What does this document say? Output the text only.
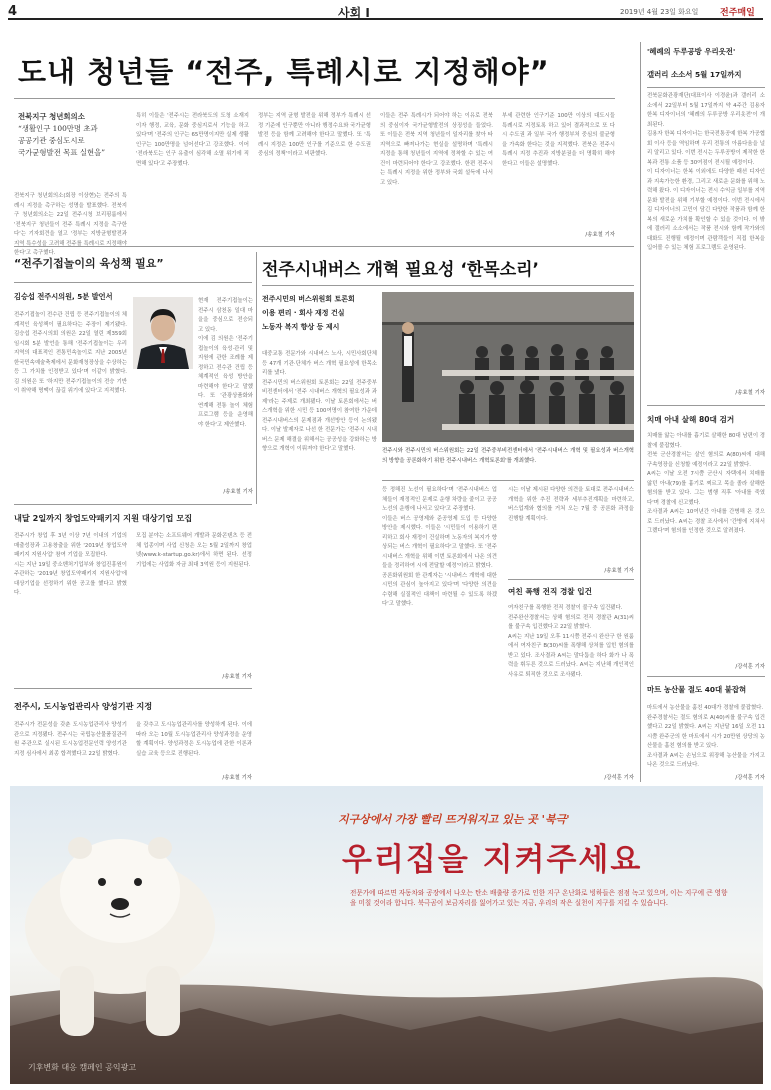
4	사회 Ⅰ	2019년 4월 23일 화요일 전주매일
도내 청년들 “전주, 특례시로 지정해야”
전북지구 청년회의소
“생활인구 100만명 초과
공공기관 중심도시로
국가균형발전 목표 실현을”
전북지구 청년회의소(회장 이상현)는 전주의 특례시 지정을 촉구하는 성명을 발표했다. 전북지구 청년회의소는 22일 전주시청 브리핑룸에서 '전북지구 청년들이 전주 특례시 지정을 촉구한다'는 기자회견을 열고 '정부는 지방균형발전과 지역 특수성을 고려해 전주를 특례시로 지정해야 한다'고 촉구했다.
특히 이들은 '전주시는 전라북도의 도청 소재지이자 행정, 교육, 문화 중심지로서 기능을 하고 있다'며 '전주의 인구는 65만명이지만 실제 생활인구는 100만명을 넘어선다'고 강조했다. 이어 '전라북도는 인구 유출이 심각해 소멸 위기에 직면해 있다'고 주장했다.
정부는 지역 균형 발전을 위해 정부가 특례시 선정 기준에 인구뿐만 아니라 행정수요와 국가균형발전 등을 함께 고려해야 한다고 말했다. 또 '특례시 지정은 100만 인구를 기준으로 한 수도권 중심의 정책'이라고 비판했다.
이들은 전주 특례시가 되어야 하는 이유로 전북의 중심이자 국가균형발전의 상징성을 들었다. 또 이들은 전북 지역 청년들이 일자리를 찾아 타 지역으로 빠져나가는 현실을 설명하며 '특례시 지정을 통해 청년들이 지역에 정착할 수 있는 여건이 마련되어야 한다'고 강조했다. 한편 전주시는 특례시 지정을 위한 정부와 국회 설득에 나서고 있다.
부세 관련한 인구기준 100만 이상의 대도시들 특례시로 지정토록 하고 있어 결과적으로 또 다시 수도권 과 일부 국가 행정부처 중심의 불균형을 가속화 한다는 것을 지적했다. 전북은 전주시 특례시 지정 추진과 지방분권을 더 명확히 해야 한다고 이들은 설명했다.
/송효철 기자
'혜례의 두루공방 우리옷전'
갤러리 소소서 5월 17일까지
전북문화관광재단(대표이사 이경윤)과 갤러리 소소에서 22일부터 5월 17일까지 약 4주간 김용자 한복 디자이너의 '혜례의 두루공방 우리옷전'이 개최된다.
김용자 한복 디자이너는 한국전통공예 한복 가공협회 이사 등을 역임하며 우리 전통의 아름다움을 널리 알리고 있다. 이번 전시는 두루공방이 제작한 한복과 전통 소품 등 30여점이 전시될 예정이다.
이 디자이너는 한복 이외에도 다양한 패션 디자인과 지속가능한 환경, 그리고 새로운 문화를 위해 노력해 왔다. 이 디자이너는 전시 수익금 일부를 지역 문화 발전을 위해 기부할 예정이다. 이번 전시에서 김 디자이너의 고민이 담긴 다양한 작품과 함께 한복의 새로운 가치를 확인할 수 있을 것이다. 이 밖에 갤러리 소소에서는 작품 전시와 함께 작가와의 대화도 진행될 예정이며 관람객들이 직접 한복을 입어볼 수 있는 체험 프로그램도 운영된다.
/송효철 기자
“전주기접놀이의 육성책 필요”
김승섭 전주시의원, 5분 발언서
전주기접놀이 전수관 건립 등 전주기접놀이의 체계적인 육성책이 필요하다는 주장이 제기됐다. 김승섭 전주시의회 의원은 22일 열린 제359회 임시회 5분 발언을 통해 '전주기접놀이는 우리 지역의 대표적인 전통민속놀이로 지난 2005년 한국민속예술축제에서 문화재청장상을 수상하는 등 그 가치를 인정받고 있다'며 이같이 밝혔다. 김 의원은 또 '하지만 전주기접놀이의 전승 기반이 취약해 명맥이 끊길 위기에 있다'고 지적했다.
현재 전주기접놀이는 전주시 삼천동 일대 마을을 중심으로 전승되고 있다.
이에 김 의원은 '전주기접놀이의 육성·관리 및 지원에 관한 조례를 제정하고 전수관 건립 등 체계적인 육성 방안을 마련해야 한다'고 말했다. 또 '관광상품화와 연계해 전통 놀이 체험 프로그램 등을 운영해야 한다'고 제안했다.
/송효철 기자
전주시내버스 개혁 필요성 ‘한목소리’
전주시민의 버스위원회 토론회
이용 편리 · 회사 재정 건실
노동자 복지 향상 등 제시
대중교통 전문가와 시내버스 노사, 시민사회단체 등 47개 기관·단체가 버스 개혁 필요성에 한목소리를 냈다.
전주시민의 버스위원회 토론회는 22일 전주중부비전센터에서 '전주 시내버스 개혁의 필요성과 과제'라는 주제로 개최됐다. 이날 토론회에서는 버스개혁을 위한 시민 등 100여명이 참여한 가운데 전주시내버스의 문제점과 개선방안 등이 논의됐다. 이날 발제자로 나선 한 전문가는 '전주시 시내버스 문제 해결을 위해서는 공공성을 강화하는 방향으로 개혁이 이뤄져야 한다'고 말했다.	전주시와 전주시민의 버스위원회는 22일 전주중부비전센터에서 '전주시내버스 개혁 및 필요성과 버스개혁의 방향을 공론화하기 위한 전주시내버스 개혁토론회'를 개최했다.
등 정해진 노선이 필요하다'며 '전주시내버스 업체들이 재정적인 문제로 운행 차량을 줄이고 공공 노선의 운행에 나서고 있다'고 주장했다.
이들은 버스 공영제와 준공영제 도입 등 다양한 방안을 제시했다. 이들은 '시민들이 이용하기 편리하고 회사 재정이 건실하며 노동자의 복지가 향상되는 버스 개혁이 필요하다'고 말했다. 또 '전주시내버스 개혁을 위해 이번 토론회에서 나온 의견들을 정리하여 시에 전달할 예정'이라고 밝혔다.
공론화위원회 한 관계자는 '시내버스 개혁에 대한 시민의 관심이 높아지고 있다'며 '다양한 의견을 수렴해 실질적인 대책이 마련될 수 있도록 하겠다'고 말했다.
시는 이날 제시된 다양한 의견을 토대로 전주시내버스 개혁을 위한 추진 전략과 세부추진계획을 마련하고, 버스업계와 협의를 거쳐 오는 7월 중 공론화 과정을 진행할 계획이다.
/송효철 기자
치매 아내 살해 80대 검거
치매를 앓는 아내를 흉기로 살해한 80대 남편이 경찰에 붙잡혔다.
전북 군산경찰서는 살인 혐의로 A(80)씨에 대해 구속영장을 신청할 예정이라고 22일 밝혔다.
A씨는 이날 오전 7시쯤 군산시 자택에서 치매를 앓던 아내(79)를 흉기로 찌르고 목을 졸라 살해한 혐의를 받고 있다. 그는 범행 직후 '아내를 죽였다'며 경찰에 신고했다.
조사결과 A씨는 10여년간 아내를 간병해 온 것으로 드러났다. A씨는 경찰 조사에서 '간병에 지쳐서 그랬다'며 혐의를 인정한 것으로 알려졌다.
/강석훈 기자
마트 농산물 절도 40대 붙잡혀
마트에서 농산물을 훔친 40대가 경찰에 붙잡혔다.
완주경찰서는 절도 혐의로 A(40)씨를 불구속 입건했다고 22일 밝혔다. A씨는 지난달 16일 오전 11시쯤 완주군의 한 마트에서 시가 20만원 상당의 농산물을 훔친 혐의를 받고 있다.
조사결과 A씨는 손님으로 위장해 농산물을 가지고 나온 것으로 드러났다.
/강석훈 기자
내달 2일까지 창업도약패키지 지원 대상기업 모집
전주시가 창업 후 3년 이상 7년 이내의 기업의 매출성장과 고용창출을 위한 '2019년 창업도약패키지 지원사업' 참여 기업을 모집한다.
시는 지난 19일 중소벤처기업부와 창업진흥원이 주관하는 '2019년 창업도약패키지 지원사업'에 대상기업을 선정하기 위한 공고를 했다고 밝혔다.
모집 분야는 소프트웨어 개발과 문화콘텐츠 등 전체 업종이며 사업 신청은 오는 5월 2일까지 창업넷(www.k-startup.go.kr)에서 하면 된다. 선정 기업에는 사업화 자금 최대 3억원 등이 지원된다.
/송효철 기자
전주시, 도시농업관리사 양성기관 지정
전주시가 전문성을 갖춘 도시농업관리사 양성기관으로 지정됐다. 전주시는 국립농산물품질관리원 주관으로 실시된 도시농업전문인력 양성기관 지정 심사에서 최종 합격했다고 22일 밝혔다.
을 갖추고 도시농업관리사를 양성하게 된다. 이에 따라 오는 10월 도시농업관리사 양성과정을 운영할 계획이다. 양성과정은 도시농업에 관한 이론과 실습 교육 등으로 진행된다.
/송효철 기자
여친 폭행 전직 경찰 입건
여자친구를 폭행한 전직 경찰이 불구속 입건됐다.
전주완산경찰서는 상해 혐의로 전직 경찰관 A(31)씨를 불구속 입건했다고 22일 밝혔다.
A씨는 지난 19일 오후 11시쯤 전주시 완산구 한 원룸에서 여자친구 B(30)씨를 폭행해 상처를 입힌 혐의를 받고 있다. 조사결과 A씨는 말다툼을 하다 화가 나 폭력을 휘두른 것으로 드러났다. A씨는 지난해 개인적인 사유로 퇴직한 것으로 조사됐다.
/강석훈 기자
지구상에서 가장 빨리 뜨거워지고 있는 곳 '북극'
우리집을 지켜주세요
전문가에 따르면 자동차와 공장에서 나오는 탄소 배출량 증가로 인한 지구 온난화로 빙하들은 점점 녹고 있으며, 이는 지구에 큰 영향을 미칠 것이라 합니다. 북극곰이 보금자리를 잃어가고 있는 지금, 우리의 작은 실천이 지구를 지킬 수 있습니다.
기후변화 대응 캠페인 공익광고
